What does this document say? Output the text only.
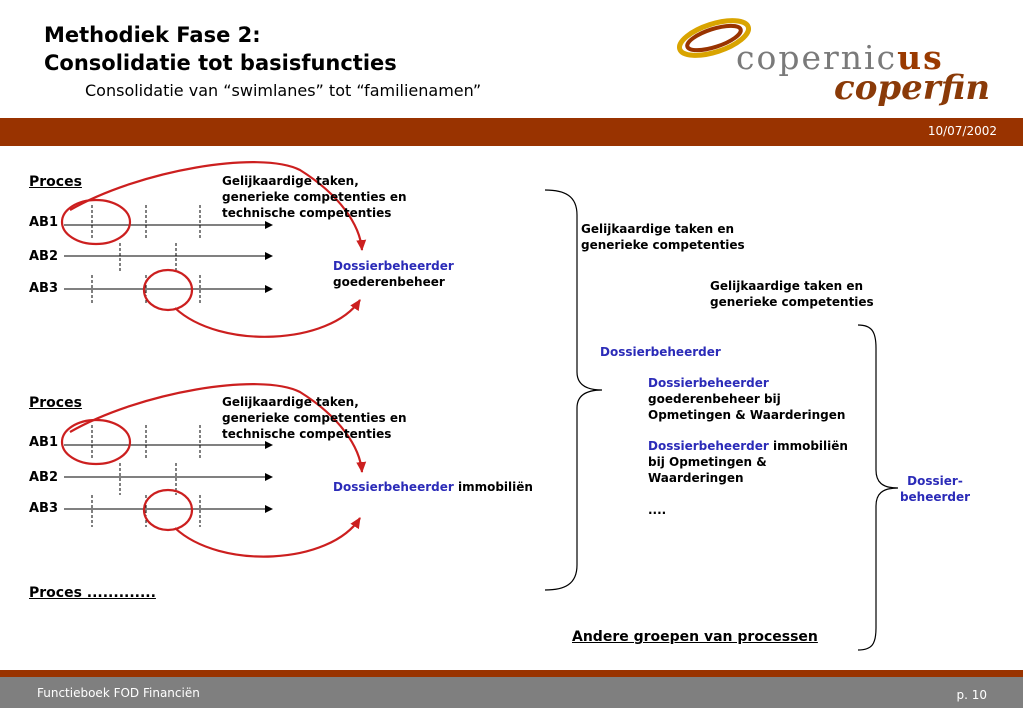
Methodiek Fase 2:
Consolidatie tot basisfuncties
Consolidatie van “swimlanes” tot “familienamen”
copernicus
coperfin
10/07/2002
Proces
AB1
AB2
AB3
Gelijkaardige taken,
generieke competenties en
technische competenties
Dossierbeheerder
goederenbeheer
Proces
AB1
AB2
AB3
Gelijkaardige taken,
generieke competenties en
technische competenties
Dossierbeheerder immobiliën
Proces .............
Gelijkaardige taken en
generieke competenties
Gelijkaardige taken en
generieke competenties
Dossierbeheerder
Dossierbeheerder
goederenbeheer bij
Opmetingen & Waarderingen
Dossierbeheerder immobiliën
bij Opmetingen &
Waarderingen
....
Andere groepen van processen
Dossier-
beheerder
Functieboek FOD Financiën	p. 10
